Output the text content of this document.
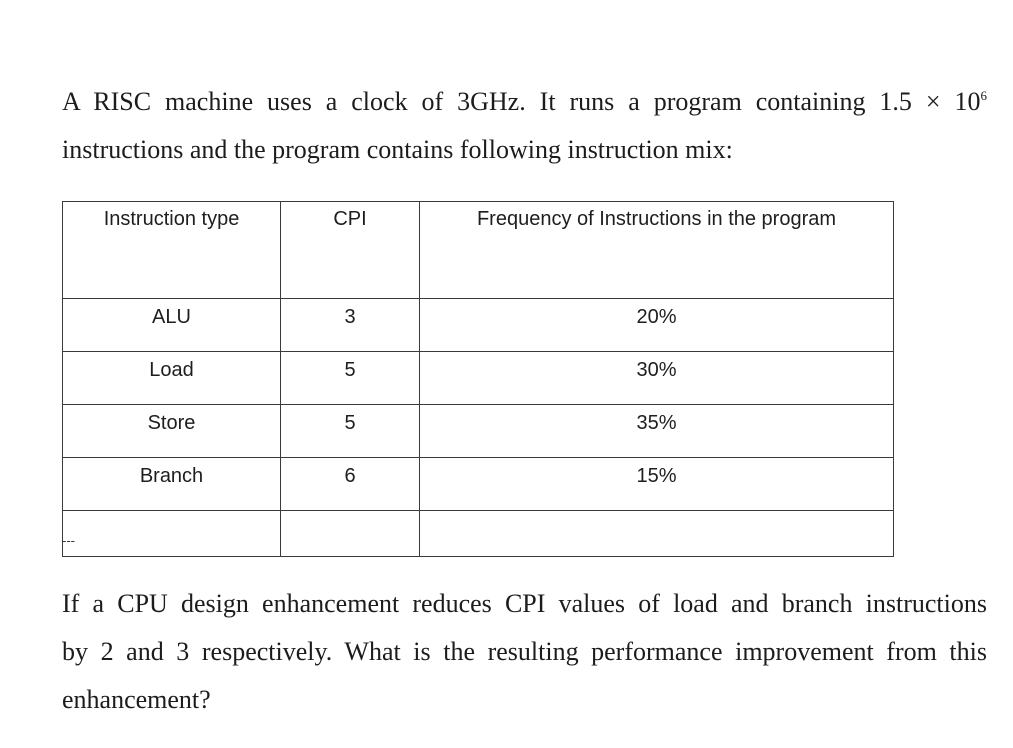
A RISC machine uses a clock of 3GHz. It runs a program containing $1.5 \times 10^6$
instructions and the program contains following instruction mix:
Instruction type	CPI	Frequency of Instructions in the program
ALU	3	20%
Load	5	30%
Store	5	35%
Branch	6	15%

---
If a CPU design enhancement reduces CPI values of load and branch instructions
by 2 and 3 respectively. What is the resulting performance improvement from this
enhancement?
